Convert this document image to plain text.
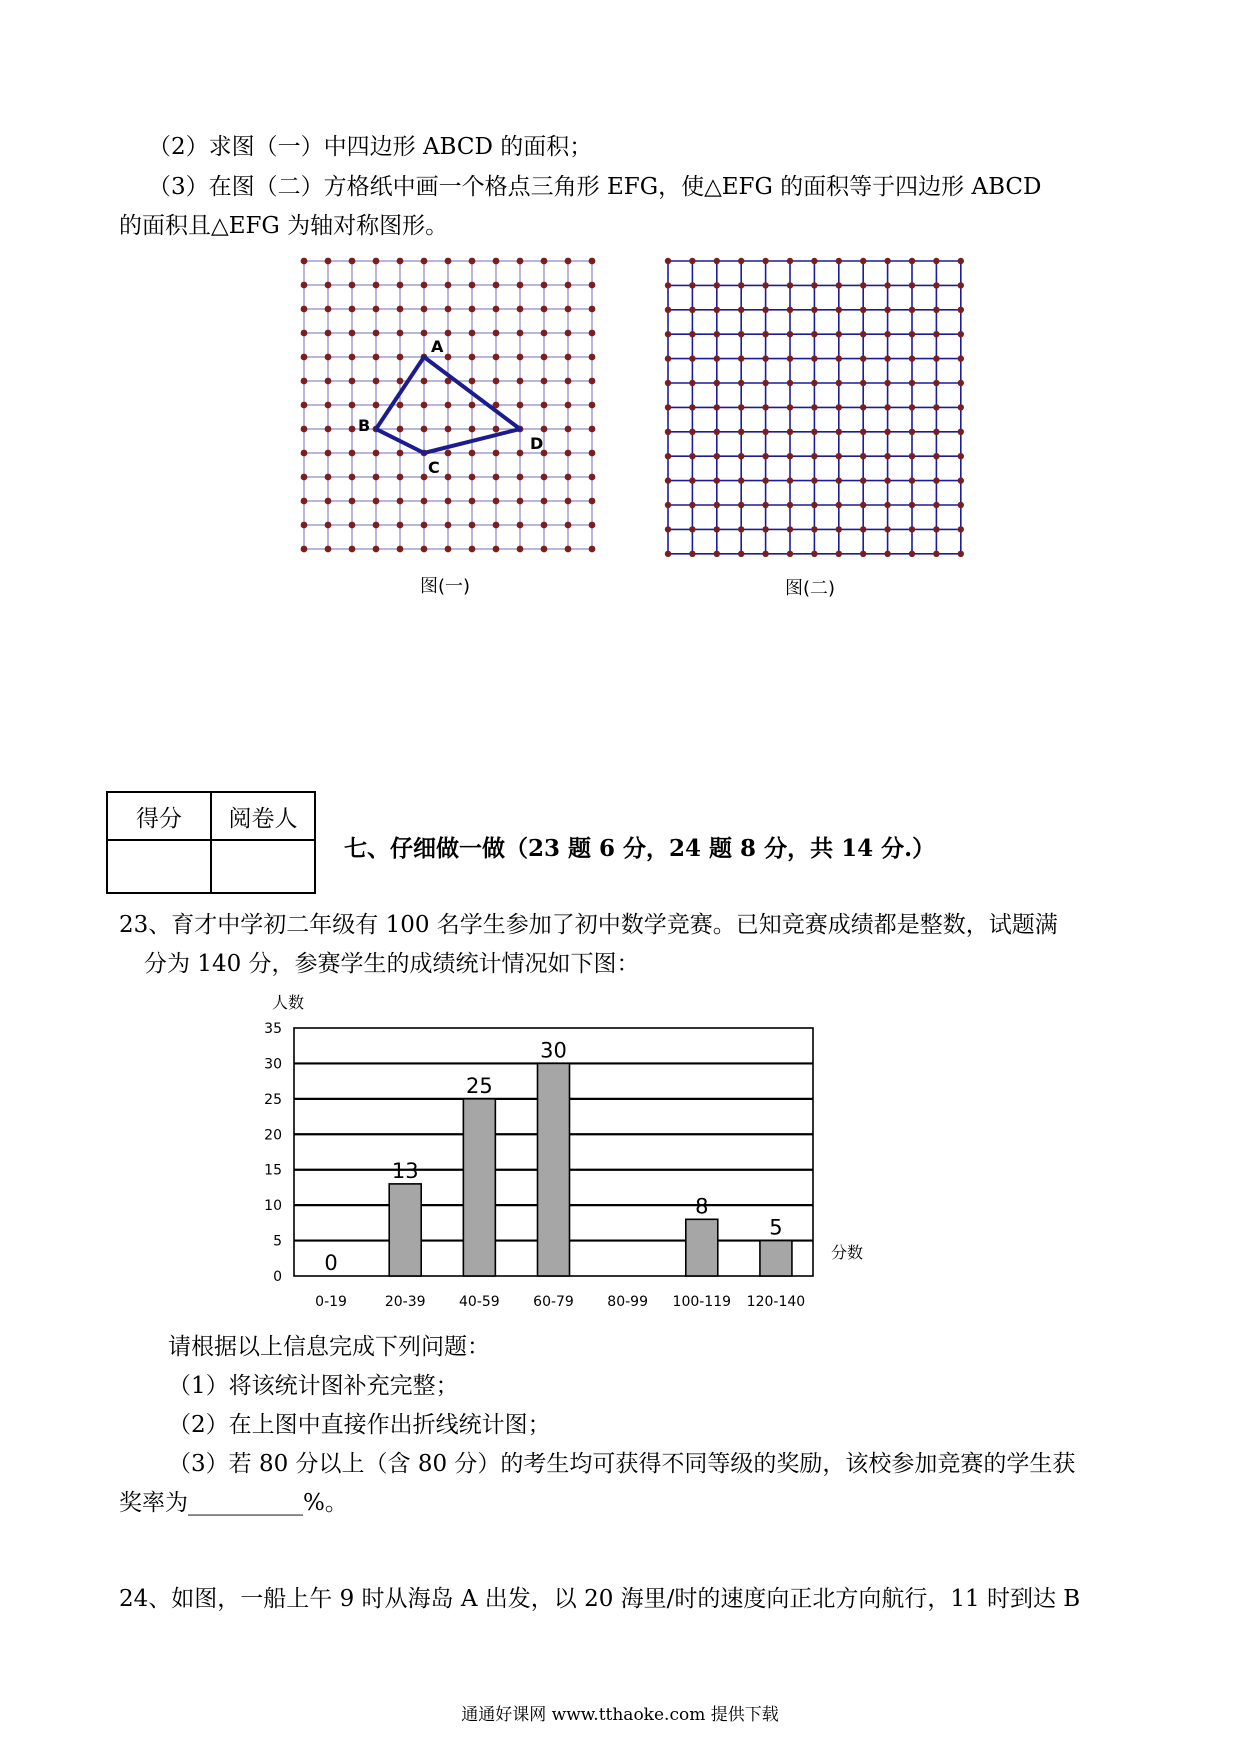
（2）求图（一）中四边形 ABCD 的面积；
（3）在图（二）方格纸中画一个格点三角形 EFG，使△EFG 的面积等于四边形 ABCD
的面积且△EFG 为轴对称图形。
A
B
C
D
图(一)	图(二)
得分	阅卷人

七、仔细做一做（23 题 6 分，24 题 8 分，共 14 分.）
23、育才中学初二年级有 100 名学生参加了初中数学竞赛。已知竞赛成绩都是整数，试题满
分为 140 分，参赛学生的成绩统计情况如下图：
0
5
10
15
20
25
30
35
0
0-19
13
20-39
25
40-59
30
60-79 80-99
8
100-119
5
120-140
人数
分数
请根据以上信息完成下列问题：
（1）将该统计图补充完整；
（2）在上图中直接作出折线统计图；
（3）若 80 分以上（含 80 分）的考生均可获得不同等级的奖励，该校参加竞赛的学生获
奖率为__________%。
24、如图，一船上午 9 时从海岛 A 出发，以 20 海里/时的速度向正北方向航行，11 时到达 B
通通好课网 www.tthaoke.com 提供下载
